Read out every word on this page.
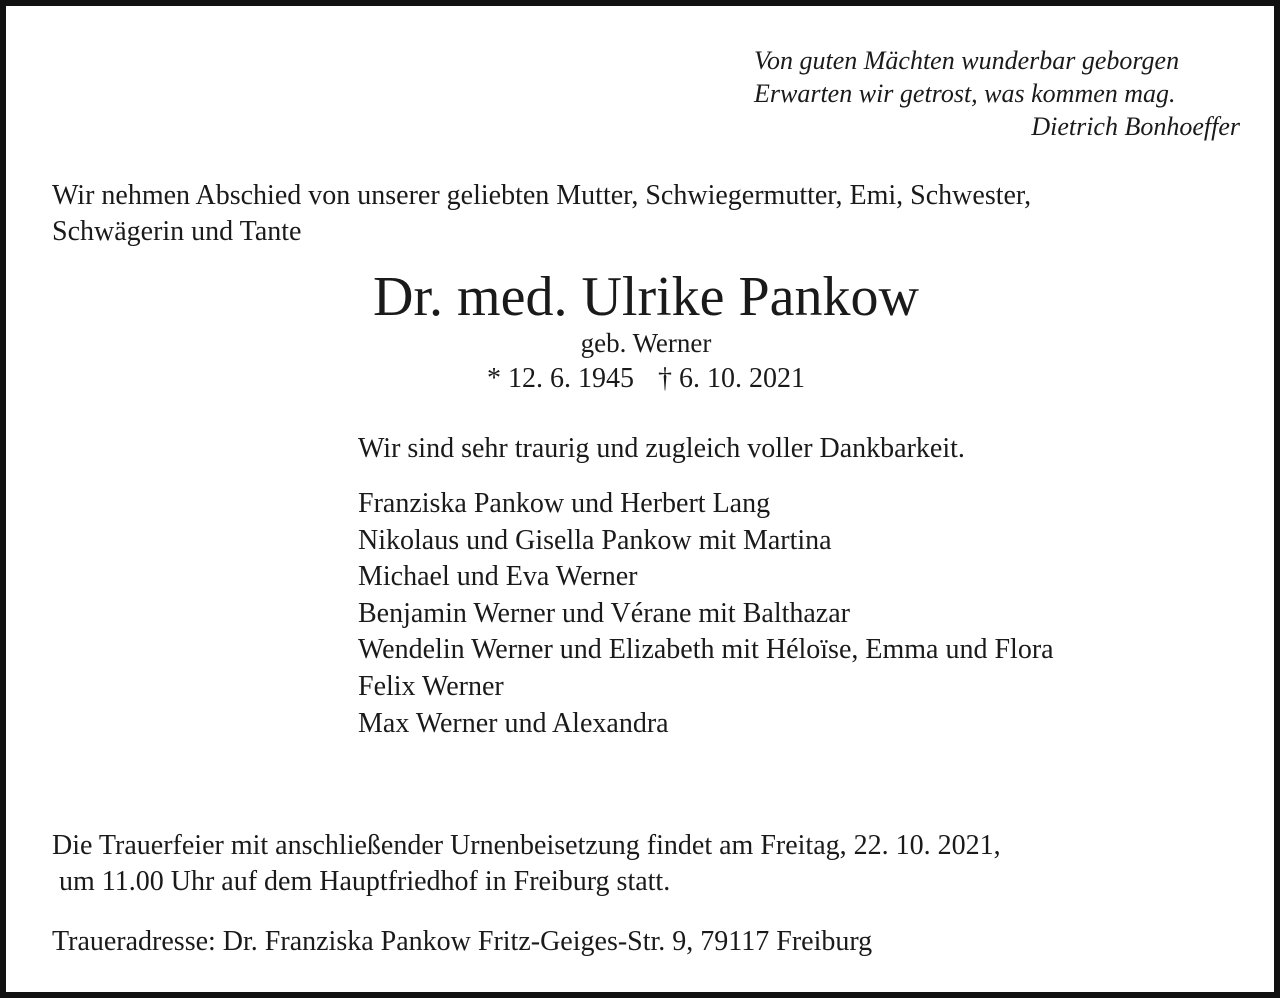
Von guten Mächten wunderbar geborgen
Erwarten wir getrost, was kommen mag.
Dietrich Bonhoeffer
Wir nehmen Abschied von unserer geliebten Mutter, Schwiegermutter, Emi, Schwester,
Schwägerin und Tante
Dr. med. Ulrike Pankow
geb. Werner
* 12. 6. 1945 † 6. 10. 2021
Wir sind sehr traurig und zugleich voller Dankbarkeit.
Franziska Pankow und Herbert Lang
Nikolaus und Gisella Pankow mit Martina
Michael und Eva Werner
Benjamin Werner und Vérane mit Balthazar
Wendelin Werner und Elizabeth mit Héloïse, Emma und Flora
Felix Werner
Max Werner und Alexandra
Die Trauerfeier mit anschließender Urnenbeisetzung findet am Freitag, 22. 10. 2021,
um 11.00 Uhr auf dem Hauptfriedhof in Freiburg statt.
Traueradresse: Dr. Franziska Pankow Fritz-Geiges-Str. 9, 79117 Freiburg
